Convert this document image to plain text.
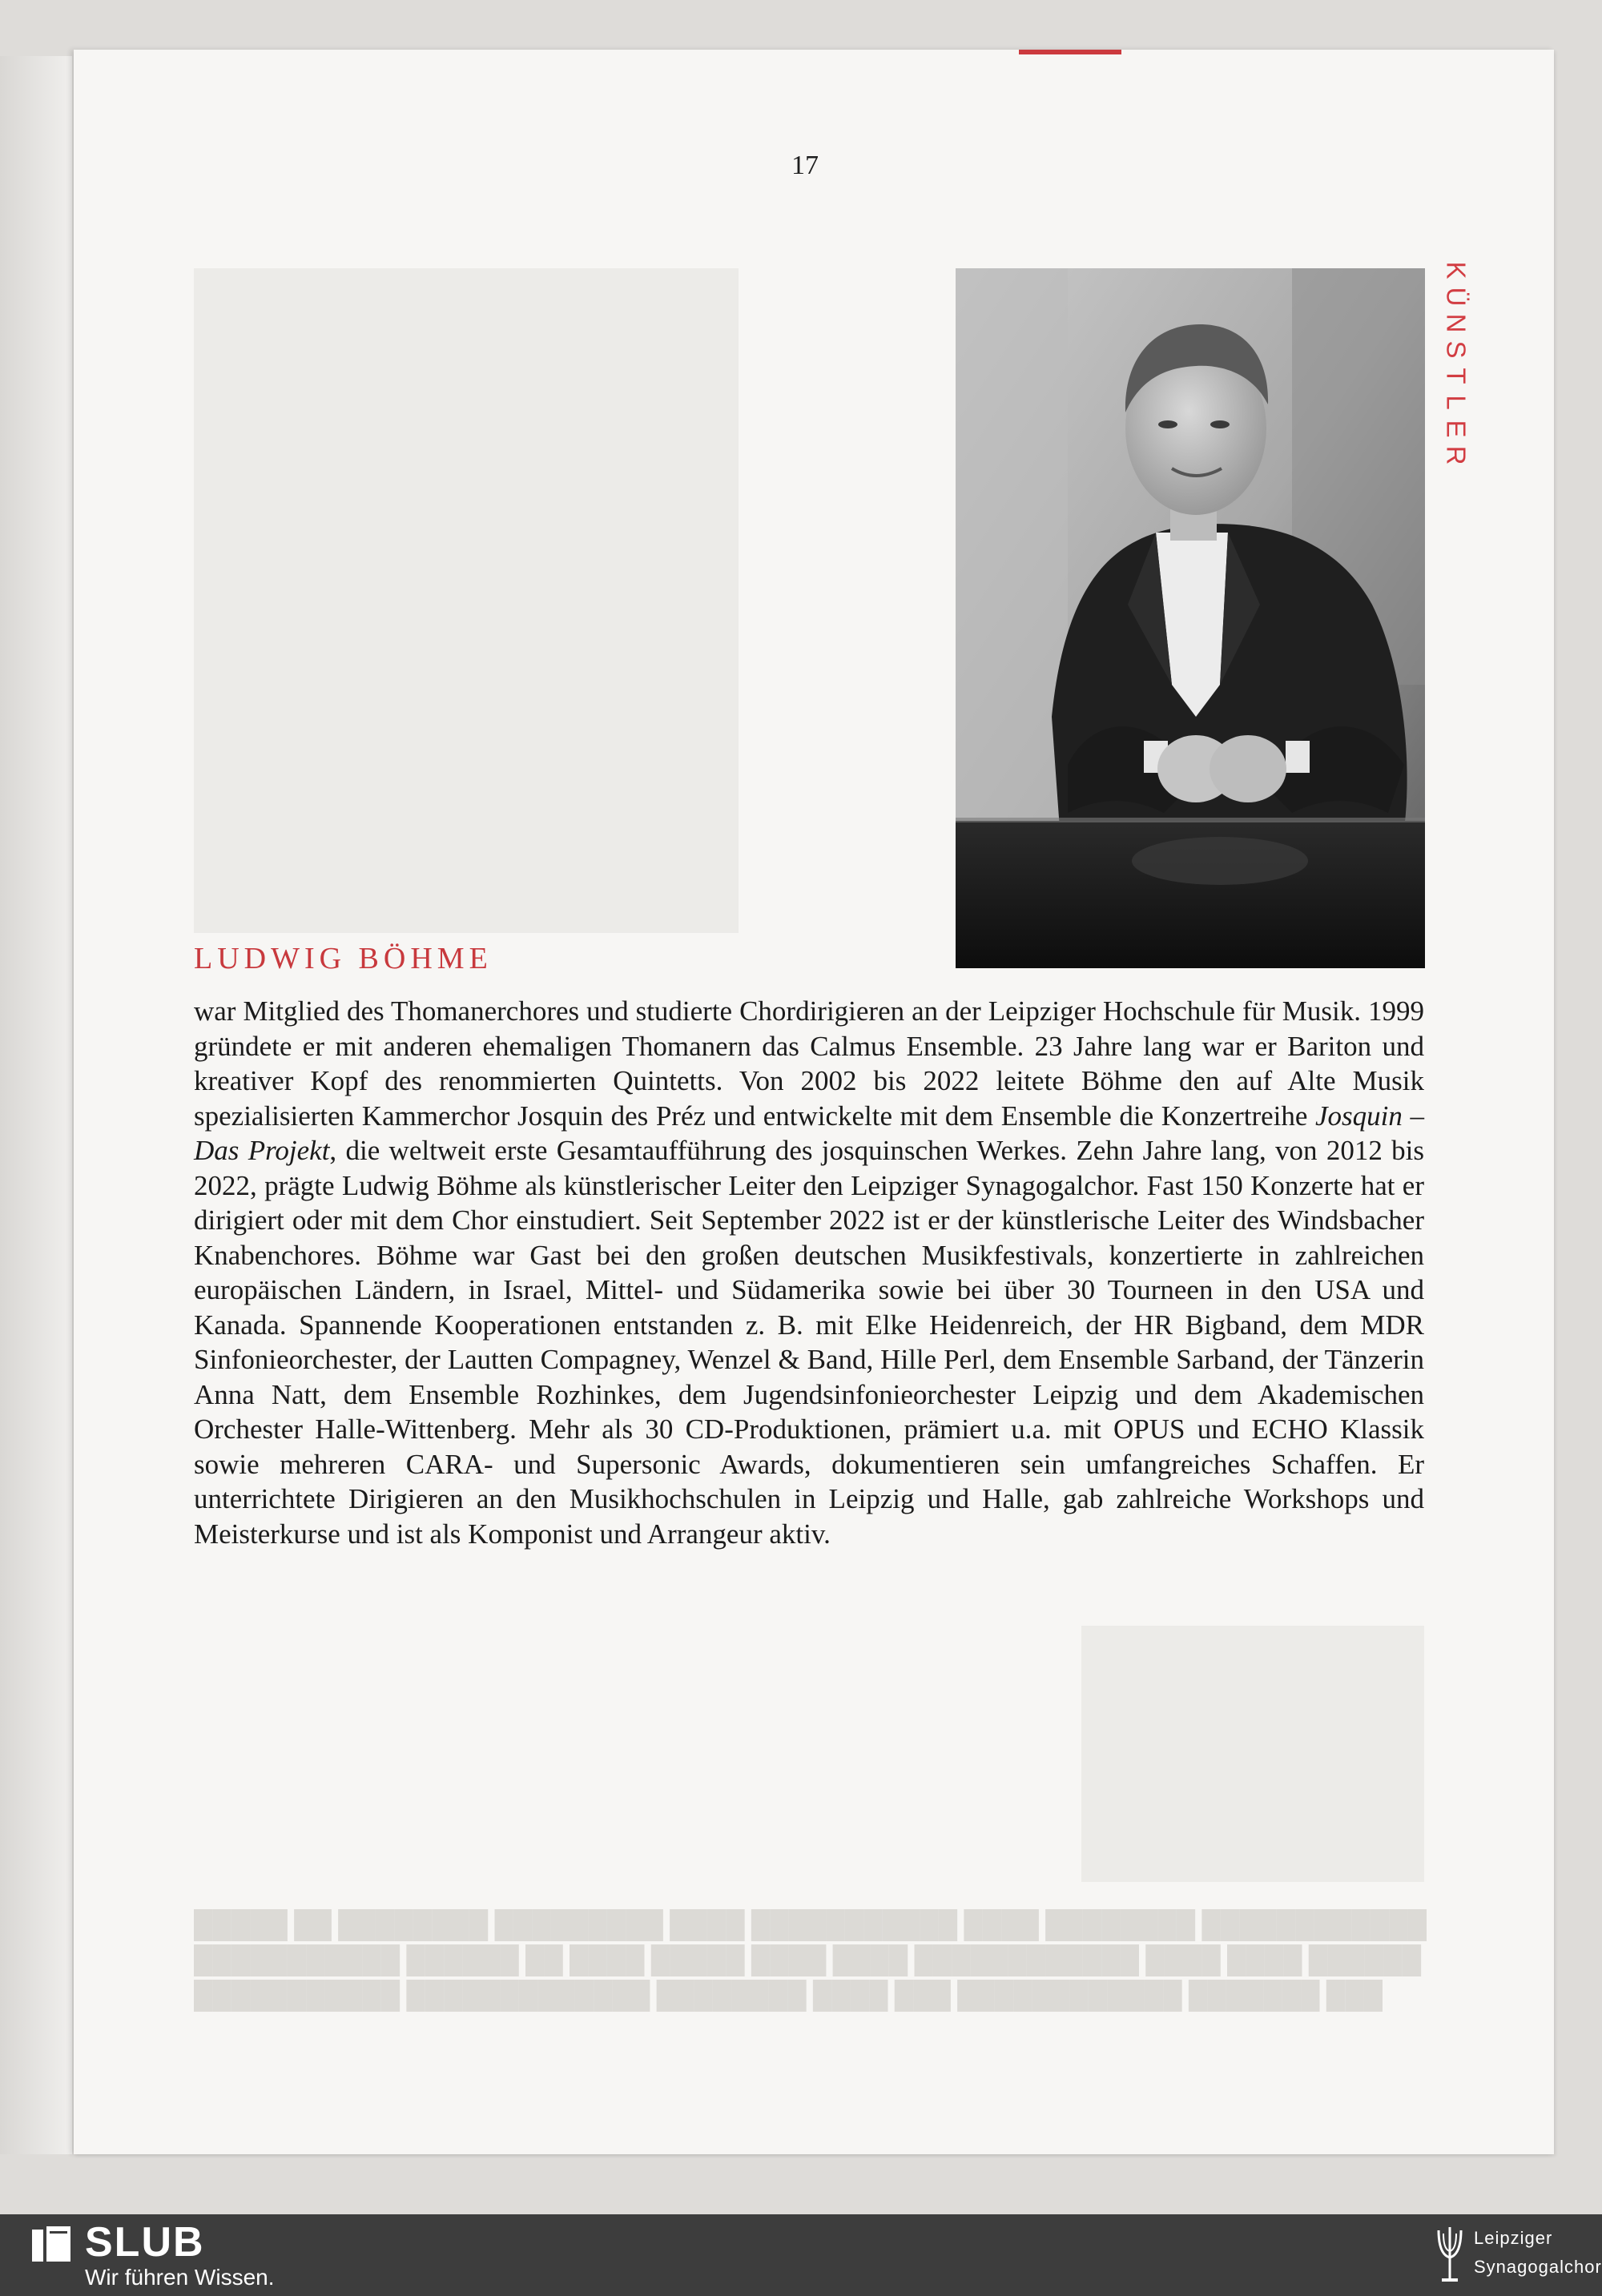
17
K
Ü
N
S
T
L
E
R
LUDWIG BÖHME

war Mitglied des Thomanerchores und studierte Chordirigieren an der Leipziger Hochschule für Musik. 1999 gründete er mit anderen ehemaligen Thomanern das Calmus Ensemble. 23 Jahre lang war er Bariton und kreativer Kopf des renommierten Quintetts. Von 2002 bis 2022 leitete Böhme den auf Alte Musik spezialisierten Kammerchor Josquin des Préz und entwickelte mit dem Ensemble die Konzertreihe Josquin – Das Projekt, die weltweit erste Gesamtaufführung des josquinschen Werkes. Zehn Jahre lang, von 2012 bis 2022, prägte Ludwig Böhme als künstlerischer Leiter den Leipziger Synagogalchor. Fast 150 Konzerte hat er dirigiert oder mit dem Chor einstudiert. Seit September 2022 ist er der künstlerische Leiter des Windsbacher Knabenchores. Böhme war Gast bei den großen deutschen Musikfestivals, konzertierte in zahlreichen europäischen Ländern, in Israel, Mittel- und Südamerika sowie bei über 30 Tourneen in den USA und Kanada. Spannende Kooperationen entstanden z. B. mit Elke Heidenreich, der HR Bigband, dem MDR Sinfonieorchester, der Lautten Compagney, Wenzel & Band, Hille Perl, dem Ensemble Sarband, der Tänzerin Anna Natt, dem Ensemble Rozhinkes, dem Jugendsinfonieorchester Leipzig und dem Akademischen Orchester Halle-Wittenberg. Mehr als 30 CD-Produktionen, prämiert u.a. mit OPUS und ECHO Klassik sowie mehreren CARA- und Supersonic Awards, dokumentieren sein umfangreiches Schaffen. Er unterrichtete Dirigieren an den Musikhochschulen in Leipzig und Halle, gab zahlreiche Workshops und Meisterkurse und ist als Komponist und Arrangeur aktiv.

█████ ██ ████████ █████████ ████ ███████████ ████ ████████ ████████████
███████████ ██████ ██ ████ █████ ████ ████ ████████████ ████ ████ ██████
███████████ █████████████ ████████ ████ ███ ████████████ ███████ ███
SLUB
Wir führen Wissen.
Leipziger
Synagogalchor
